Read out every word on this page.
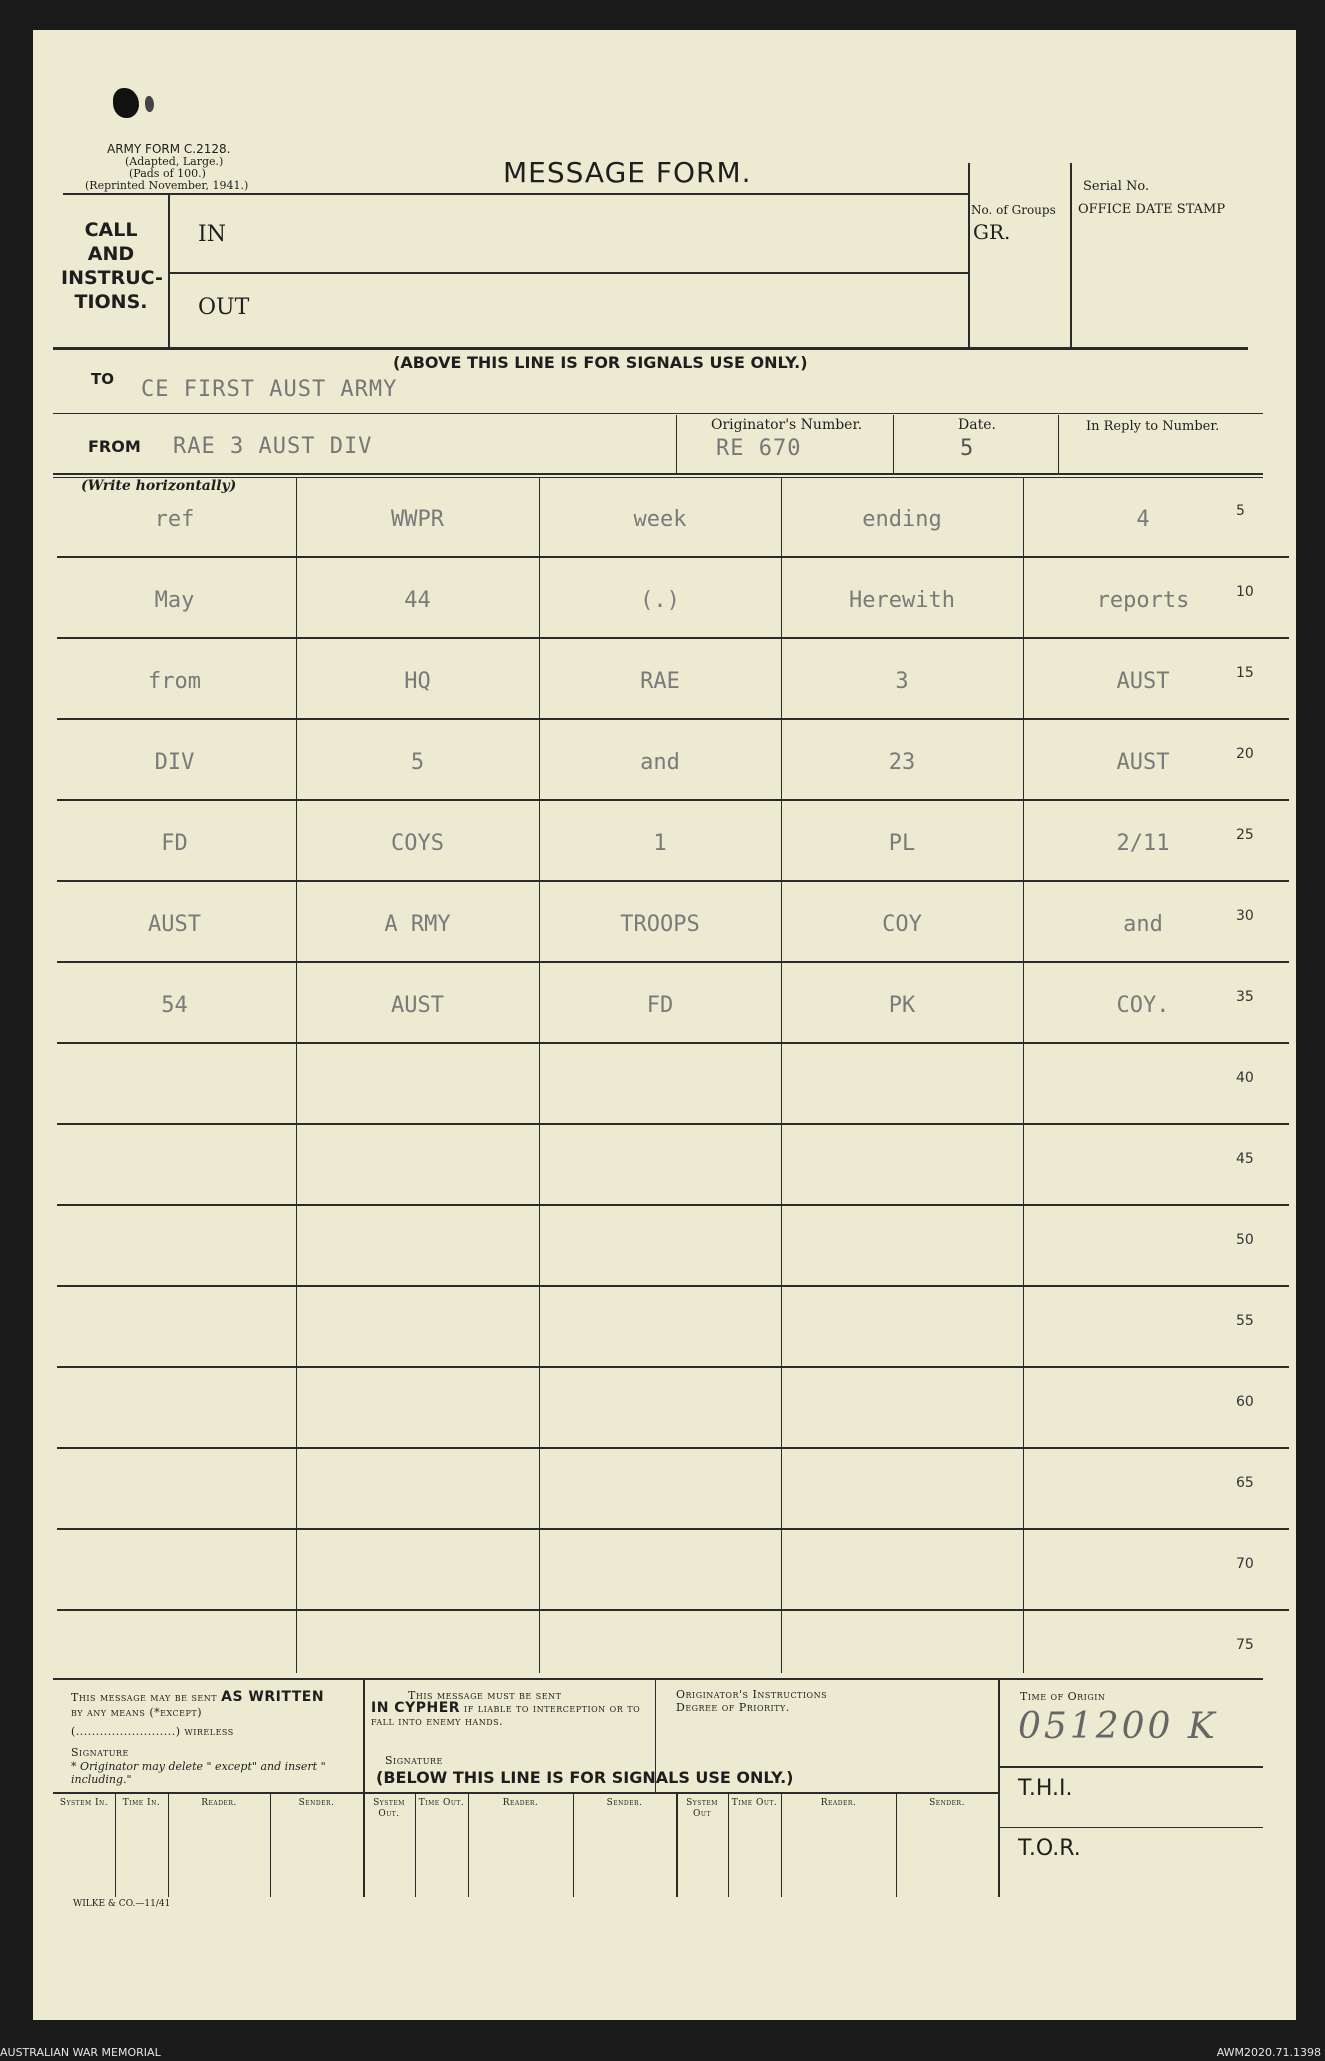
ARMY FORM C.2128.
(Adapted, Large.)
(Pads of 100.)
(Reprinted November, 1941.)	MESSAGE FORM.	Serial No.
OFFICE DATE STAMP
No. of Groups
GR.
CALL
AND
INSTRUC-
TIONS.
IN
OUT
(ABOVE THIS LINE IS FOR SIGNALS USE ONLY.)
TO CE FIRST AUST ARMY
FROM RAE 3 AUST DIV
Originator's Number.
RE 670
Date.
5
In Reply to Number.
(Write horizontally)
ref	WWPR	week	ending	4	5
May	44	(.)	Herewith	reports	10
from	HQ	RAE	3	AUST	15
DIV	5	and	23	AUST	20
FD	COYS	1	PL	2/11	25
AUST	A RMY	TROOPS	COY	and	30
54	AUST	FD	PK	COY.	35
40
45
50
55
60
65
70
75
This message may be sent AS WRITTEN
by any means (*except)
(.........................) wireless
Signature
* Originator may delete " except" and insert " including."
This message must be sent
IN CYPHER if liable to interception or to fall into enemy hands.
Signature
(BELOW THIS LINE IS FOR SIGNALS USE ONLY.)
Originator's Instructions
Degree of Priority.
Time of Origin
051200 K
T.H.I.
T.O.R.
System In.	Time In.	Reader.	Sender.	System Out.
Time Out.	Reader.	Sender.	System Out
Time Out.	Reader.	Sender.
WILKE & CO.—11/41
AUSTRALIAN WAR MEMORIAL	AWM2020.71.1398
